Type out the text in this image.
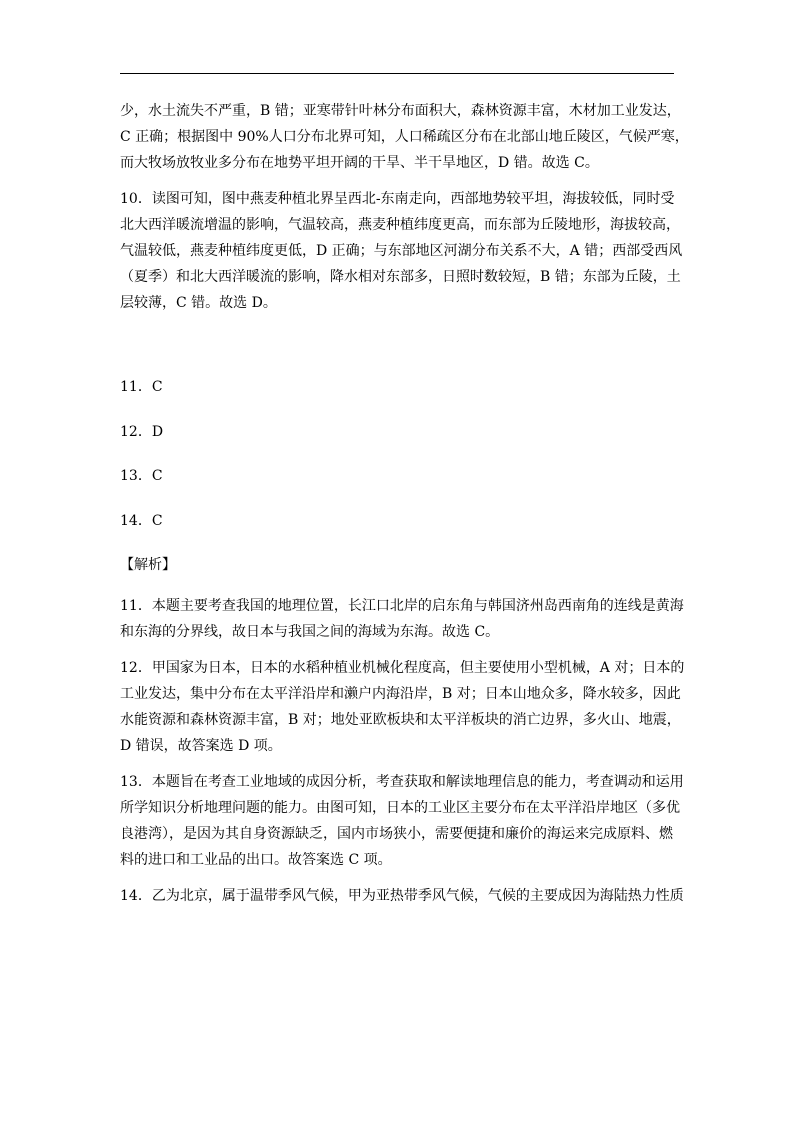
少，水土流失不严重，B 错；亚寒带针叶林分布面积大，森林资源丰富，木材加工业发达，
C 正确；根据图中 90%人口分布北界可知，人口稀疏区分布在北部山地丘陵区，气候严寒，
而大牧场放牧业多分布在地势平坦开阔的干旱、半干旱地区，D 错。故选 C。
10．读图可知，图中燕麦种植北界呈西北-东南走向，西部地势较平坦，海拔较低，同时受
北大西洋暖流增温的影响，气温较高，燕麦种植纬度更高，而东部为丘陵地形，海拔较高，
气温较低，燕麦种植纬度更低，D 正确；与东部地区河湖分布关系不大，A 错；西部受西风
（夏季）和北大西洋暖流的影响，降水相对东部多，日照时数较短，B 错；东部为丘陵，土
层较薄，C 错。故选 D。
11．C
12．D
13．C
14．C
【解析】
11．本题主要考查我国的地理位置，长江口北岸的启东角与韩国济州岛西南角的连线是黄海
和东海的分界线，故日本与我国之间的海域为东海。故选 C。
12．甲国家为日本，日本的水稻种植业机械化程度高，但主要使用小型机械，A 对；日本的
工业发达，集中分布在太平洋沿岸和濑户内海沿岸，B 对；日本山地众多，降水较多，因此
水能资源和森林资源丰富，B 对；地处亚欧板块和太平洋板块的消亡边界，多火山、地震，
D 错误，故答案选 D 项。
13．本题旨在考查工业地域的成因分析，考查获取和解读地理信息的能力，考查调动和运用
所学知识分析地理问题的能力。由图可知，日本的工业区主要分布在太平洋沿岸地区（多优
良港湾），是因为其自身资源缺乏，国内市场狭小，需要便捷和廉价的海运来完成原料、燃
料的进口和工业品的出口。故答案选 C 项。
14．乙为北京，属于温带季风气候，甲为亚热带季风气候，气候的主要成因为海陆热力性质
